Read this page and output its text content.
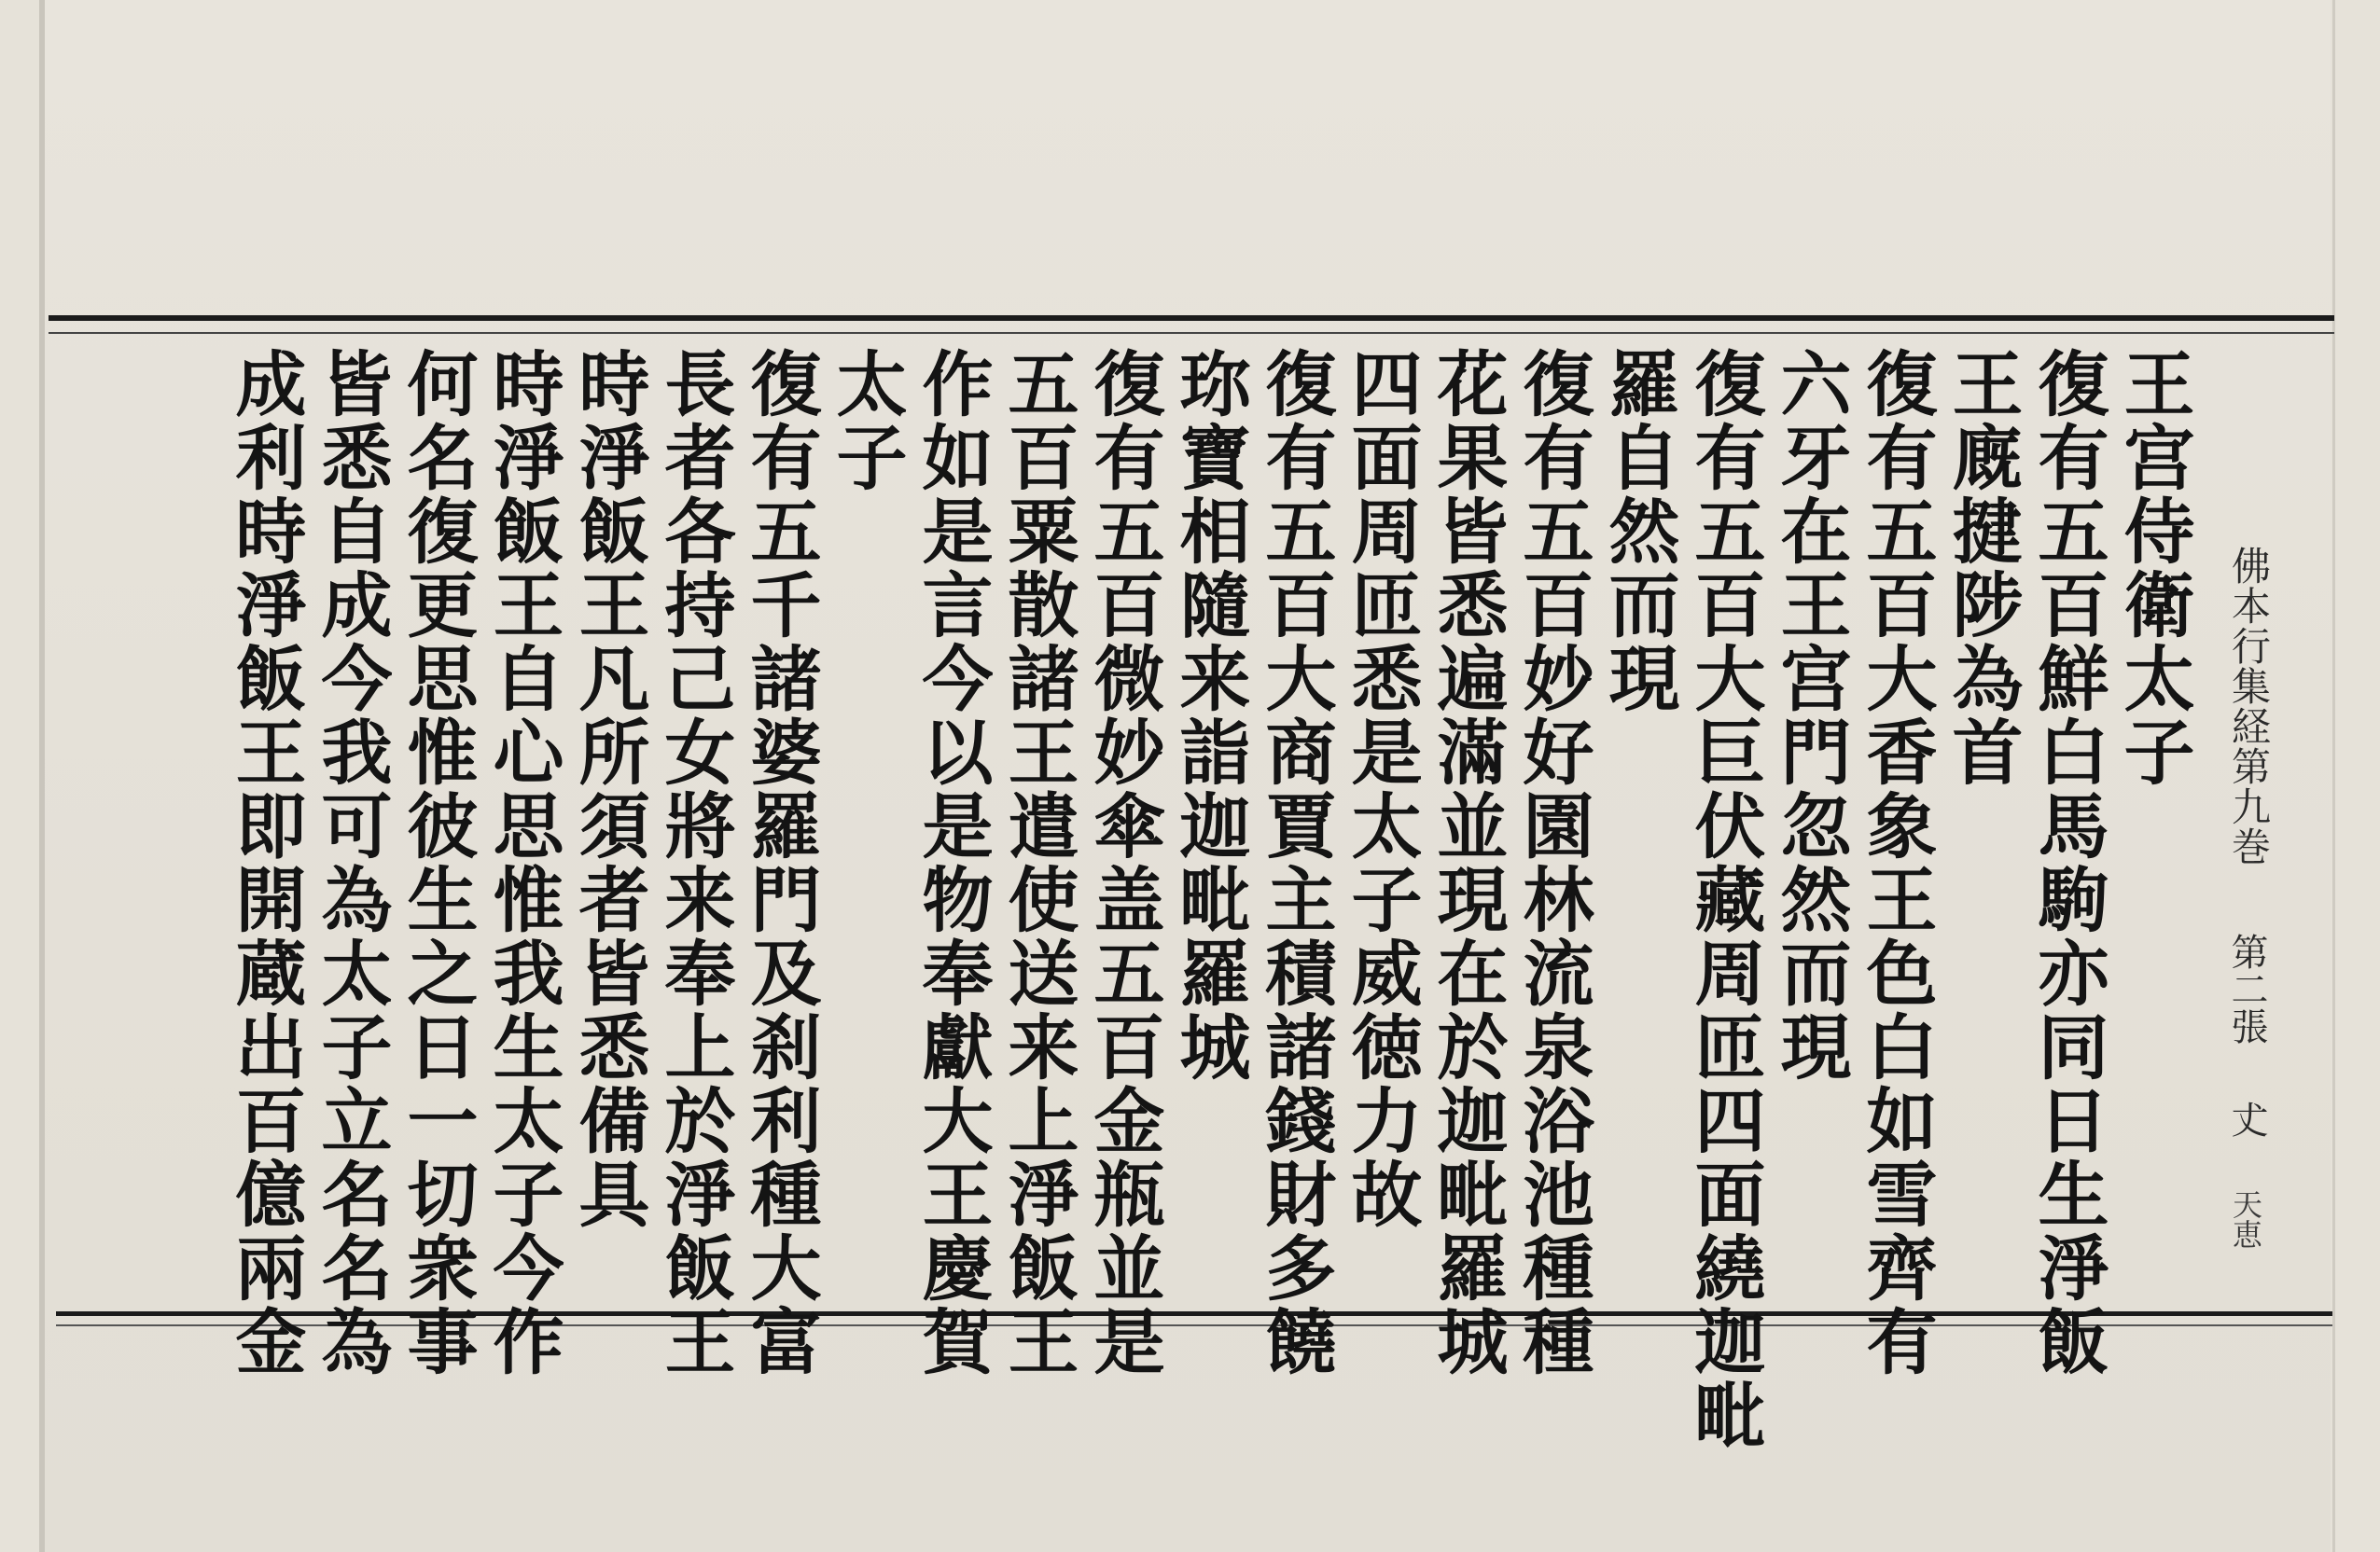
佛本行集経第九巻
第二張
𠀋
天恵
王宫侍衛太子
復有五百鮮白馬駒亦同日生淨飯
王廐揵陟為首
復有五百大香象王色白如雪齊有
六牙在王宫門忽然而現
復有五百大巨伏藏周匝四面繞迦毗
羅自然而現
復有五百妙好園林流泉浴池種種
花果皆悉遍滿並現在於迦毗羅城
四面周匝悉是太子威徳力故
復有五百大商賈主積諸錢財多饒
珎寶相隨来詣迦毗羅城
復有五百微妙傘盖五百金瓶並是
五百粟散諸王遣使送来上淨飯王
作如是言今以是物奉獻大王慶賀
太子
復有五千諸婆羅門及刹利種大富
長者各持己女將来奉上於淨飯王
時淨飯王凡所須者皆悉備具
時淨飯王自心思惟我生太子今作
何名復更思惟彼生之日一切衆事
皆悉自成今我可為太子立名名為
成利時淨飯王即開蔵出百億兩金
